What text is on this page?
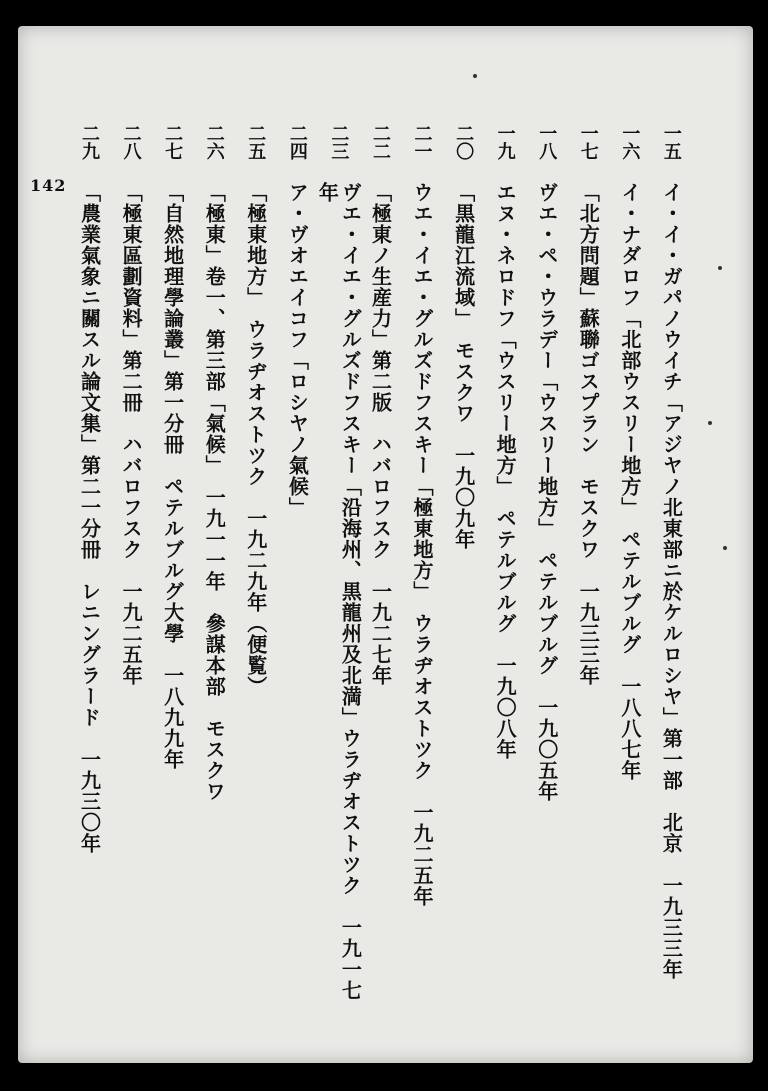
142
一五
イ・イ・ガパノウイチ「アジヤノ北東部ニ於ケルロシヤ」第一部　北京　一九三三年
一六
イ・ナダロフ「北部ウスリー地方」　ペテルブルグ　一八八七年
一七
「北方問題」蘇聯ゴスプラン　モスクワ　一九三三年
一八
ヴエ・ペ・ウラデー「ウスリー地方」　ペテルブルグ　一九〇五年
一九
エヌ・ネロドフ「ウスリー地方」　ペテルブルグ　一九〇八年
二〇
「黒龍江流域」　モスクワ　一九〇九年
二一
ウエ・イエ・グルズドフスキー「極東地方」　ウラヂオストツク　一九二五年
二二
「極東ノ生産力」第二版　ハバロフスク　一九二七年
二三
ヴエ・イエ・グルズドフスキー「沿海州、黒龍州及北満」ウラヂオストツク　一九一七年
二四
ア・ヴオエイコフ「ロシヤノ氣候」
二五
「極東地方」　ウラヂオストツク　一九二九年（便覧）
二六
「極東」卷一、第三部「氣候」　一九一一年　參謀本部　モスクワ
二七
「自然地理學論叢」第一分冊　ペテルブルグ大學　一八九九年
二八
「極東區劃資料」第二冊　ハバロフスク　一九二五年
二九
「農業氣象ニ關スル論文集」第二一分冊　レニングラード　一九三〇年
